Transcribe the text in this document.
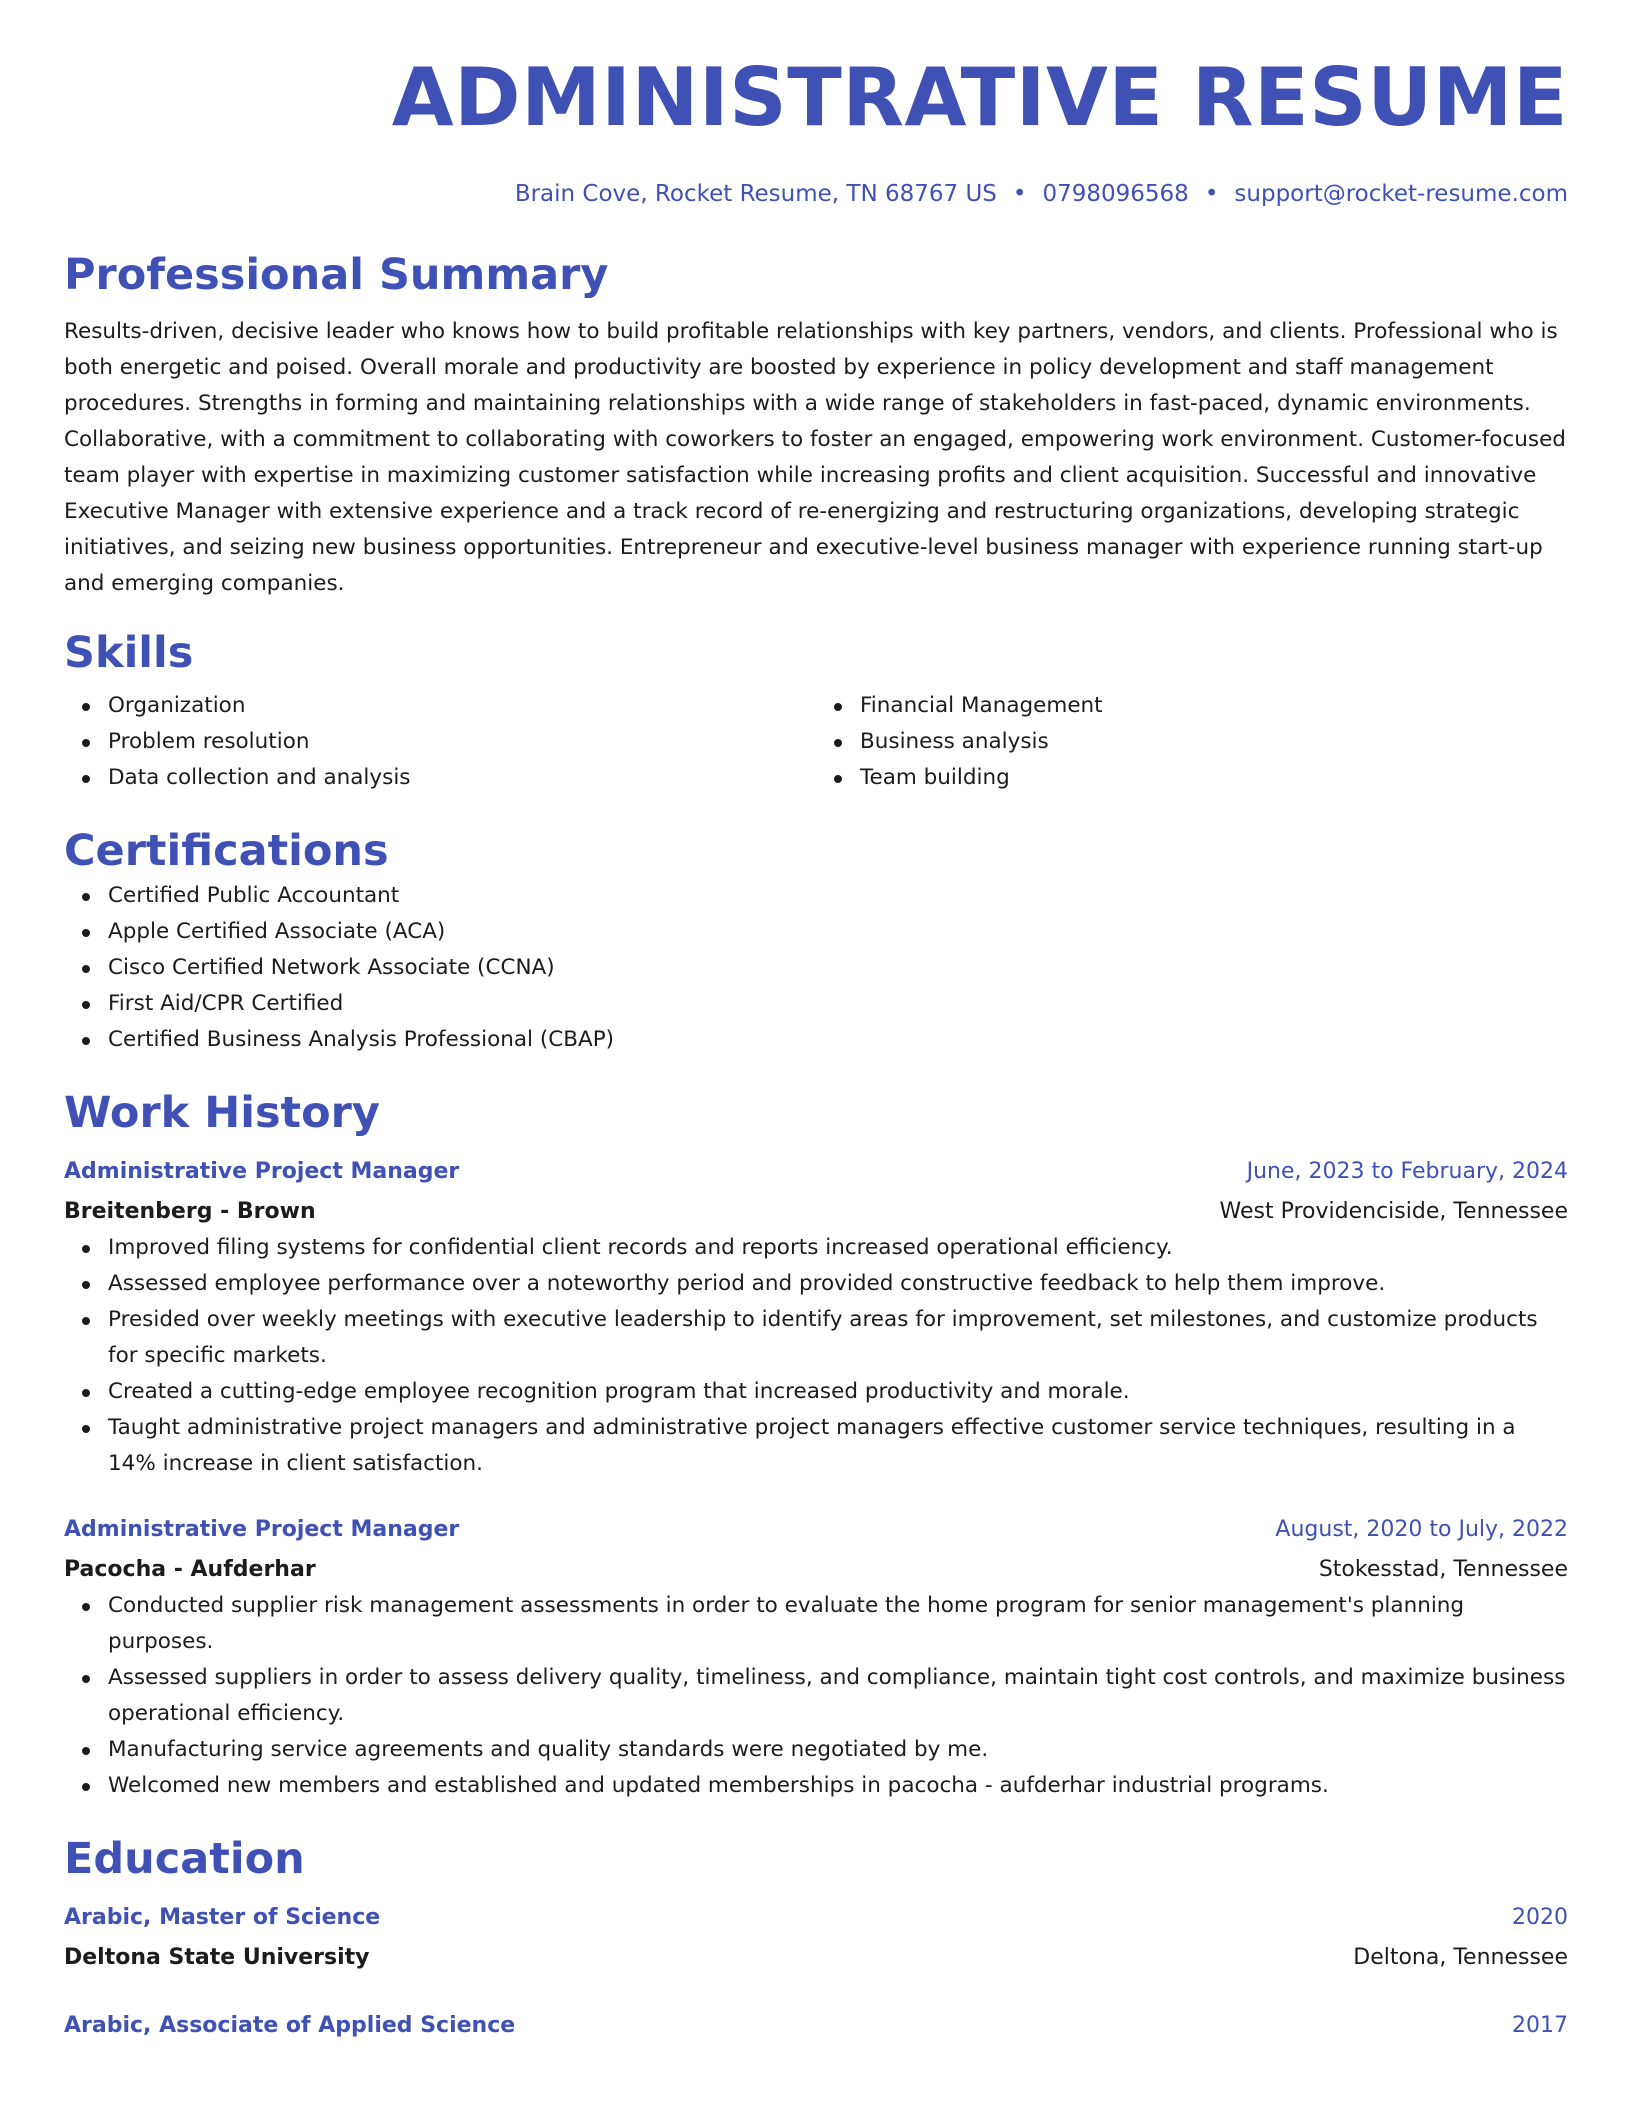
ADMINISTRATIVE RESUME
Brain Cove, Rocket Resume, TN 68767 US • 0798096568 • support@rocket-resume.com
Professional Summary
Results-driven, decisive leader who knows how to build profitable relationships with key partners, vendors, and clients. Professional who is both energetic and poised. Overall morale and productivity are boosted by experience in policy development and staff management procedures. Strengths in forming and maintaining relationships with a wide range of stakeholders in fast-paced, dynamic environments. Collaborative, with a commitment to collaborating with coworkers to foster an engaged, empowering work environment. Customer-focused team player with expertise in maximizing customer satisfaction while increasing profits and client acquisition. Successful and innovative Executive Manager with extensive experience and a track record of re-energizing and restructuring organizations, developing strategic initiatives, and seizing new business opportunities. Entrepreneur and executive-level business manager with experience running start-up and emerging companies.
Skills
Organization
Problem resolution
Data collection and analysis
Financial Management
Business analysis
Team building
Certifications
Certified Public Accountant
Apple Certified Associate (ACA)
Cisco Certified Network Associate (CCNA)
First Aid/CPR Certified
Certified Business Analysis Professional (CBAP)
Work History
Administrative Project Manager	June, 2023 to February, 2024
Breitenberg - Brown	West Providenciside, Tennessee
Improved filing systems for confidential client records and reports increased operational efficiency.
Assessed employee performance over a noteworthy period and provided constructive feedback to help them improve.
Presided over weekly meetings with executive leadership to identify areas for improvement, set milestones, and customize products for specific markets.
Created a cutting-edge employee recognition program that increased productivity and morale.
Taught administrative project managers and administrative project managers effective customer service techniques, resulting in a 14% increase in client satisfaction.
Administrative Project Manager	August, 2020 to July, 2022
Pacocha - Aufderhar	Stokesstad, Tennessee
Conducted supplier risk management assessments in order to evaluate the home program for senior management's planning purposes.
Assessed suppliers in order to assess delivery quality, timeliness, and compliance, maintain tight cost controls, and maximize business operational efficiency.
Manufacturing service agreements and quality standards were negotiated by me.
Welcomed new members and established and updated memberships in pacocha - aufderhar industrial programs.
Education
Arabic, Master of Science	2020
Deltona State University	Deltona, Tennessee
Arabic, Associate of Applied Science	2017
